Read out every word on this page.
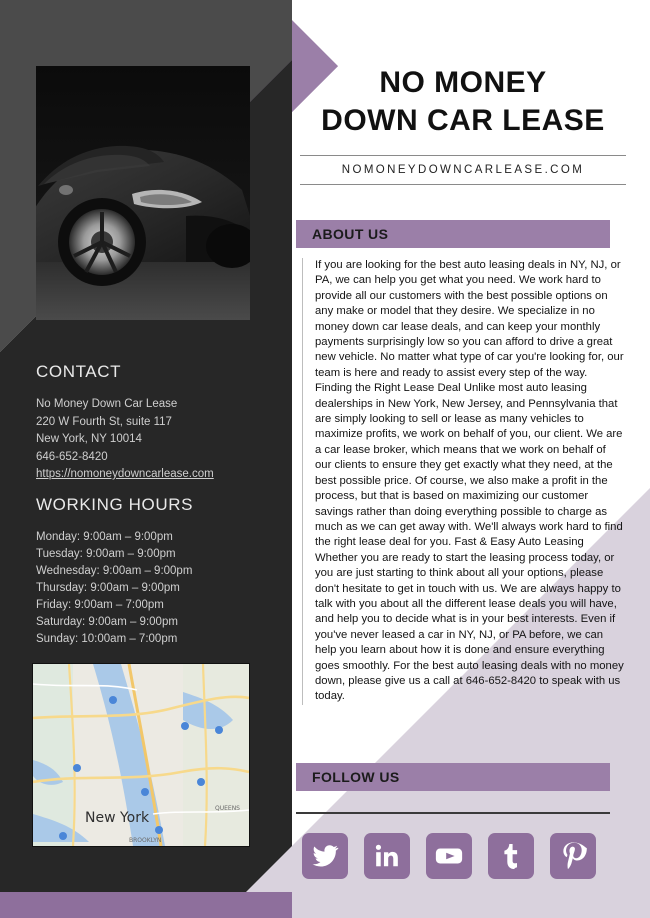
CONTACT
No Money Down Car Lease
220 W Fourth St, suite 117
New York, NY 10014
646-652-8420
https://nomoneydowncarlease.com
WORKING HOURS
Monday: 9:00am – 9:00pm
Tuesday: 9:00am – 9:00pm
Wednesday: 9:00am – 9:00pm
Thursday: 9:00am – 9:00pm
Friday: 9:00am – 7:00pm
Saturday: 9:00am – 9:00pm
Sunday: 10:00am – 7:00pm
New York
QUEENS
BROOKLYN
NO MONEY
DOWN CAR LEASE
NOMONEYDOWNCARLEASE.COM
ABOUT US

If you are looking for the best auto leasing deals in NY, NJ, or PA, we can help you get what you need. We work hard to provide all our customers with the best possible options on any make or model that they desire. We specialize in no money down car lease deals, and can keep your monthly payments surprisingly low so you can afford to drive a great new vehicle. No matter what type of car you're looking for, our team is here and ready to assist every step of the way. Finding the Right Lease Deal Unlike most auto leasing dealerships in New York, New Jersey, and Pennsylvania that are simply looking to sell or lease as many vehicles to maximize profits, we work on behalf of you, our client. We are a car lease broker, which means that we work on behalf of our clients to ensure they get exactly what they need, at the best possible price. Of course, we also make a profit in the process, but that is based on maximizing our customer savings rather than doing everything possible to charge as much as we can get away with. We'll always work hard to find the right lease deal for you. Fast & Easy Auto Leasing Whether you are ready to start the leasing process today, or you are just starting to think about all your options, please don't hesitate to get in touch with us. We are always happy to talk with you about all the different lease deals you will have, and help you to decide what is in your best interests. Even if you've never leased a car in NY, NJ, or PA before, we can help you learn about how it is done and ensure everything goes smoothly. For the best auto leasing deals with no money down, please give us a call at 646-652-8420 to speak with us today.

FOLLOW US
